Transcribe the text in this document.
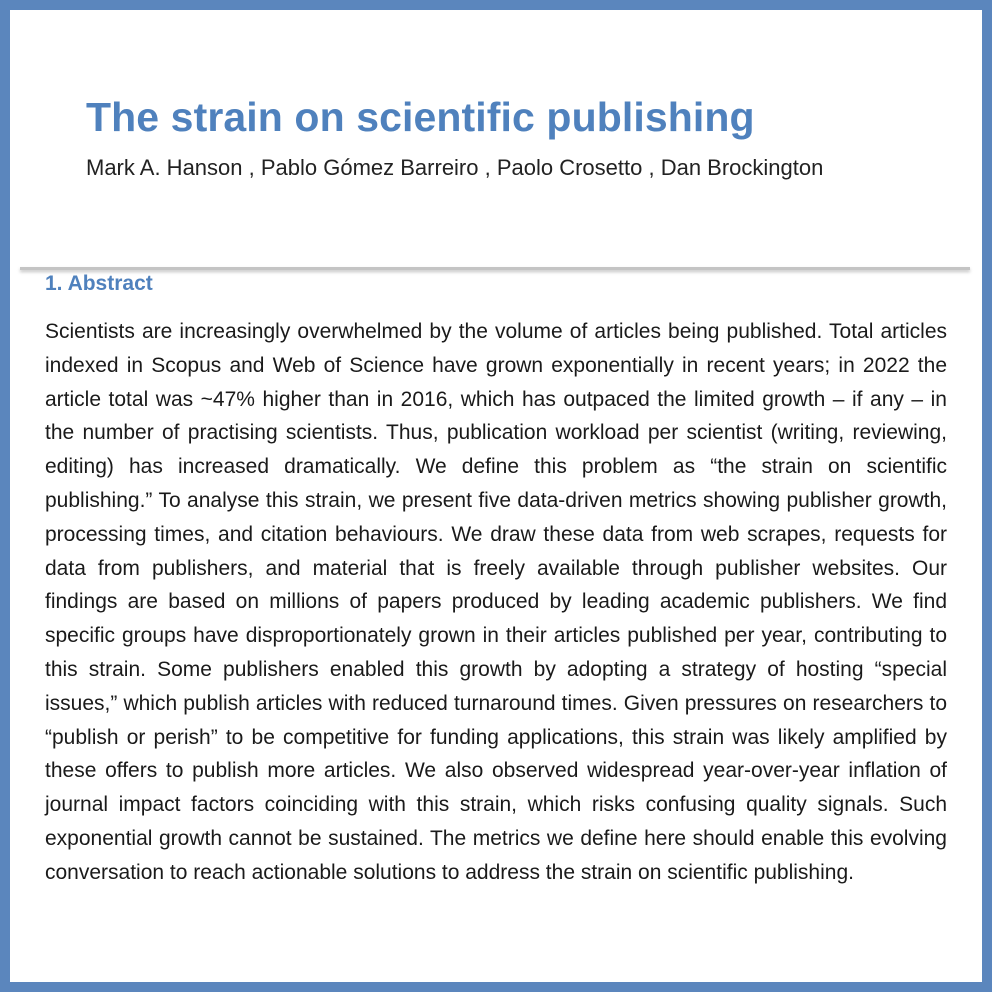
The strain on scientific publishing

Mark A. Hanson , Pablo Gómez Barreiro , Paolo Crosetto , Dan Brockington

1. Abstract

Scientists are increasingly overwhelmed by the volume of articles being published. Total articles indexed in Scopus and Web of Science have grown exponentially in recent years; in 2022 the article total was ~47% higher than in 2016, which has outpaced the limited growth – if any – in the number of practising scientists. Thus, publication workload per scientist (writing, reviewing, editing) has increased dramatically. We define this problem as “the strain on scientific publishing.” To analyse this strain, we present five data-driven metrics showing publisher growth, processing times, and citation behaviours. We draw these data from web scrapes, requests for data from publishers, and material that is freely available through publisher websites. Our findings are based on millions of papers produced by leading academic publishers. We find specific groups have disproportionately grown in their articles published per year, contributing to this strain. Some publishers enabled this growth by adopting a strategy of hosting “special issues,” which publish articles with reduced turnaround times. Given pressures on researchers to “publish or perish” to be competitive for funding applications, this strain was likely amplified by these offers to publish more articles. We also observed widespread year-over-year inflation of journal impact factors coinciding with this strain, which risks confusing quality signals. Such exponential growth cannot be sustained. The metrics we define here should enable this evolving conversation to reach actionable solutions to address the strain on scientific publishing.
